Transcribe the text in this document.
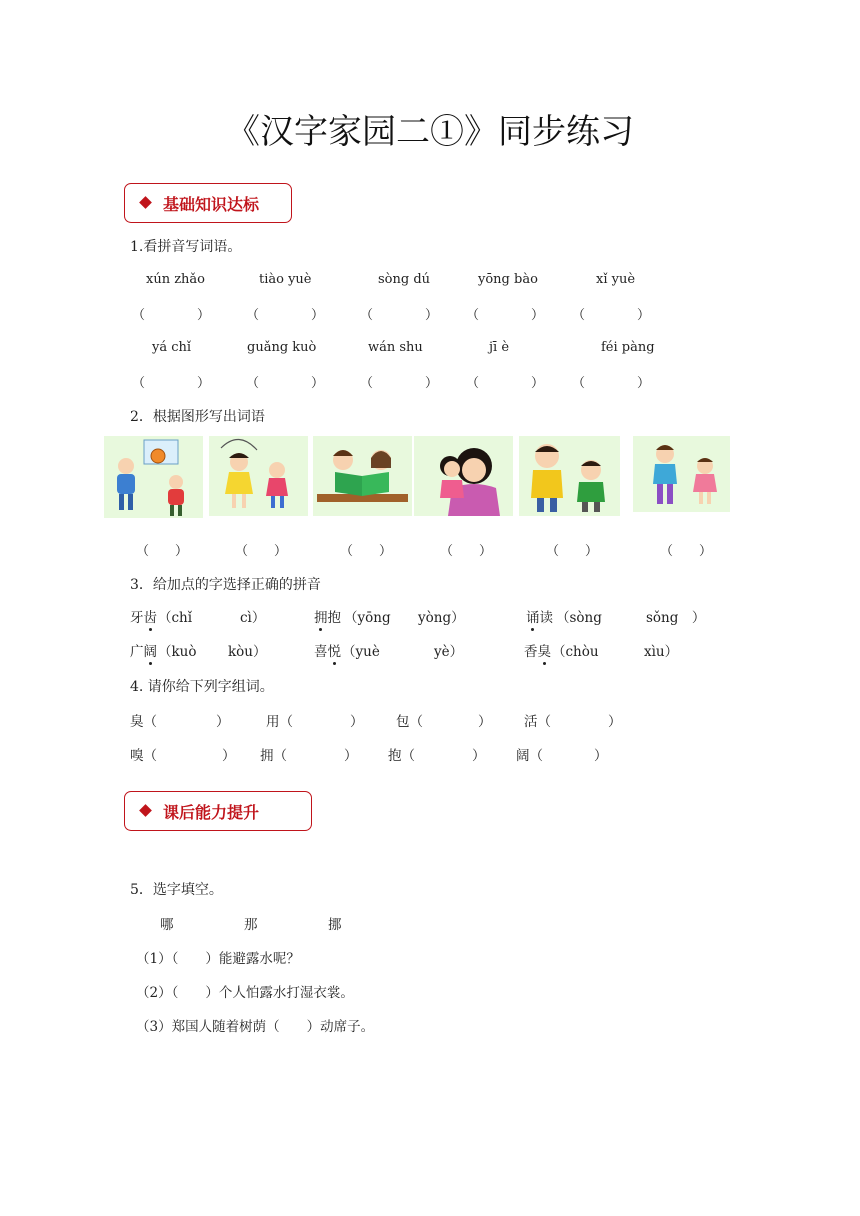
《汉字家园二①》同步练习
基础知识达标
1.看拼音写词语。
xún zhǎo	tiào yuè	sòng dú	yōng bào	xǐ yuè
（　　　　）	（　　　　）	（　　　　） （　　　　） （　　　　）
yá chǐ	guǎng kuò	wán shu	jī è	féi pàng
（　　　　）	（　　　　）	（　　　　） （　　　　） （　　　　）
2．根据图形写出词语
（　　）	（　　）	（　　）	（　　）	（　　）	（　　）
3．给加点的字选择正确的拼音
牙齿 （chǐ	cì）	拥抱 （yōng yòng）	诵读 （sòng	sǒng　）
广阔 （kuò kòu）	喜悦 （yuè	yè）	香臭 （chòu	xìu）
4. 请你给下列字组词。
臭（	）	用（	） 包（	） 活（	）
嗅（	） 拥（	） 抱（	） 阔（	）
课后能力提升
5．选字填空。
哪	那	挪
（1）（　　）能避露水呢？
（2）（　　）个人怕露水打湿衣裳。
（3）郑国人随着树荫（　　）动席子。
